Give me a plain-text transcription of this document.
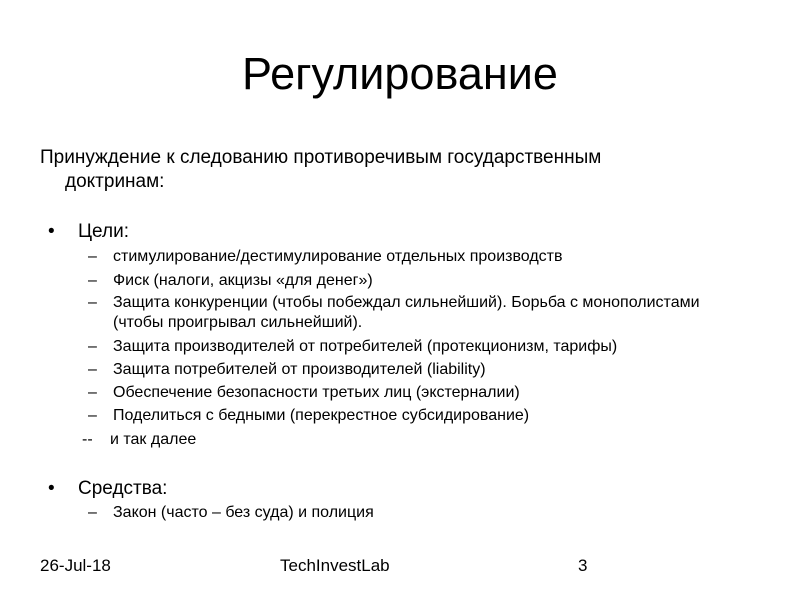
Регулирование
Принуждение к следованию противоречивым государственным
доктринам:
•	Цели:
–	стимулирование/дестимулирование отдельных производств
–	Фиск (налоги, акцизы «для денег»)
–	Защита конкуренции (чтобы побеждал сильнейший). Борьба с монополистами (чтобы проигрывал сильнейший).
–	Защита производителей от потребителей (протекционизм, тарифы)
–	Защита потребителей от производителей (liability)
–	Обеспечение безопасности третьих лиц (экстерналии)
–	Поделиться с бедными (перекрестное субсидирование)
--	и так далее
•	Средства:
–	Закон (часто – без суда) и полиция
26-Jul-18	TechInvestLab	3
